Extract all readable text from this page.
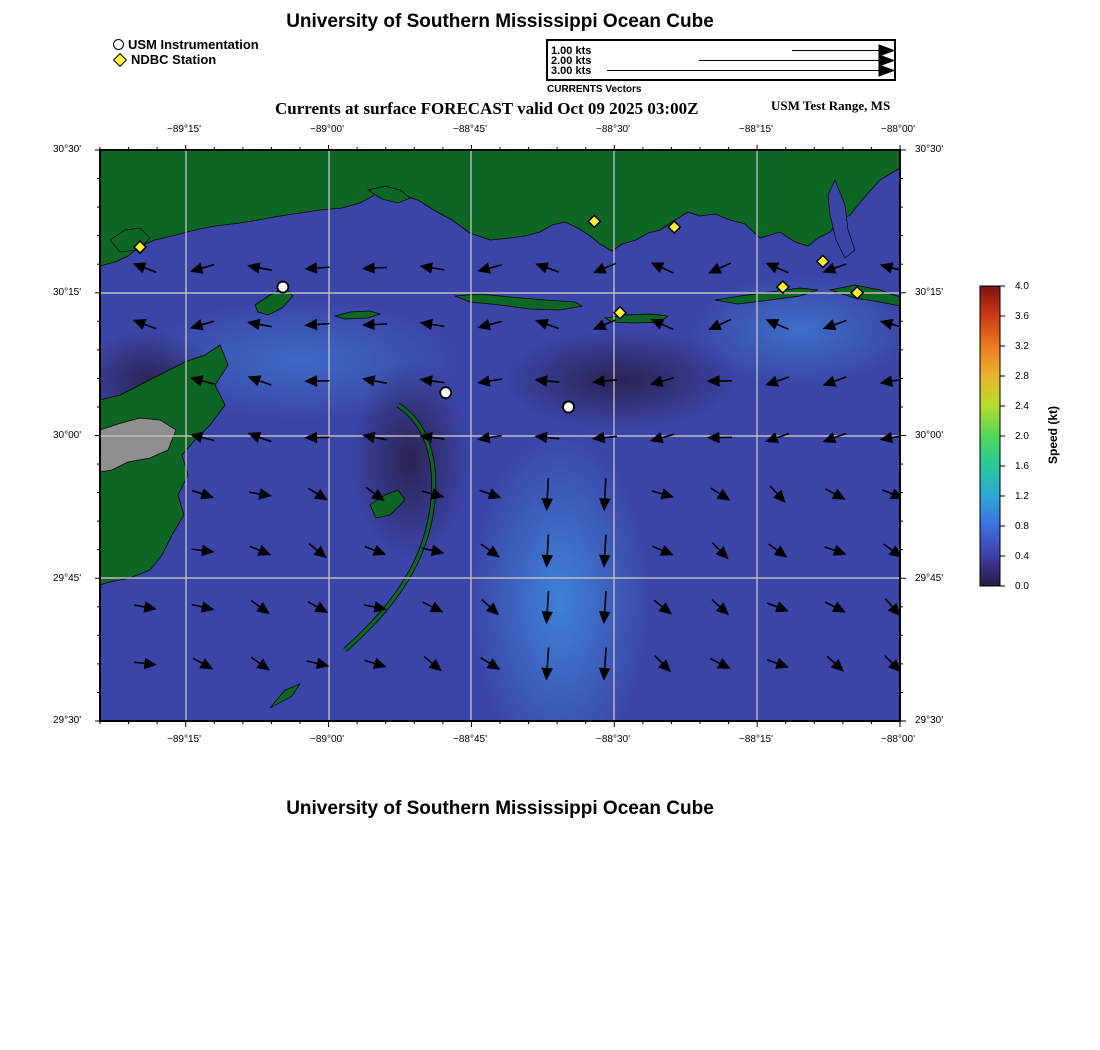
University of Southern Mississippi Ocean Cube
USM Instrumentation
NDBC Station
1.00 kts
2.00 kts
3.00 kts
CURRENTS Vectors
Currents at surface FORECAST valid Oct 09 2025 03:00Z	USM Test Range, MS
−89°15'	−89°00'	−88°45'	−88°30'	−88°15'	−88°00'
−89°15'	−89°00'	−88°45'	−88°30'	−88°15'	−88°00'
30°30'
30°15'
30°00'
29°45'
29°30'
30°30'
30°15'
30°00'
29°45'
29°30'
4.0
3.6
3.2
2.8
2.4
2.0
1.6
1.2
0.8
0.4
0.0
Speed (kt)
University of Southern Mississippi Ocean Cube
